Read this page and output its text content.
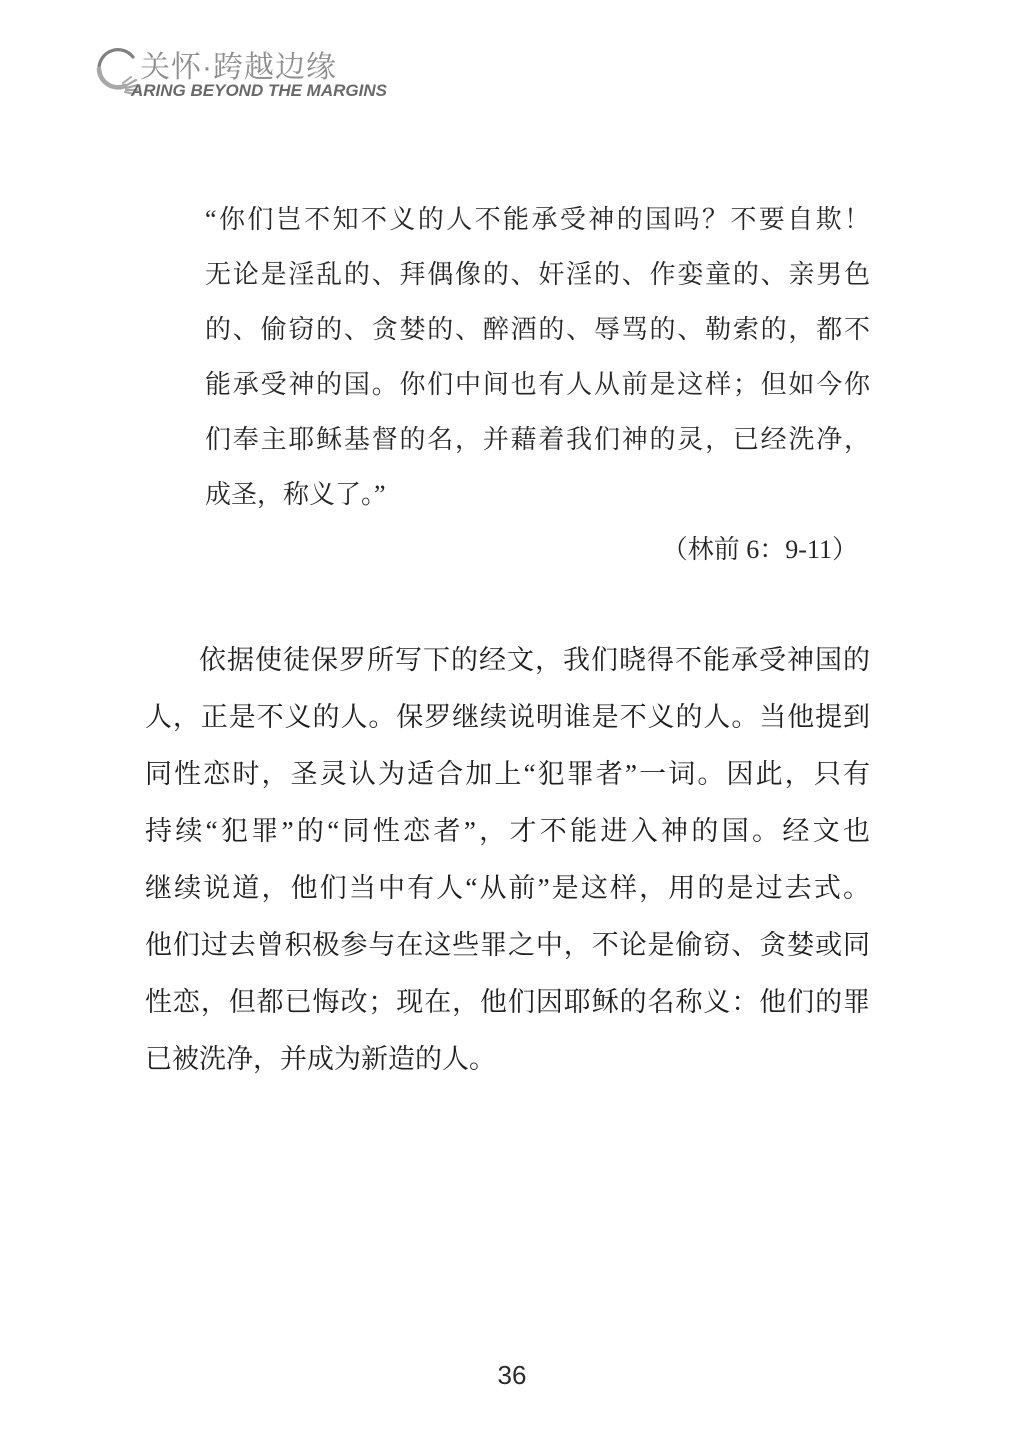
关怀·跨越边缘
ARING BEYOND THE MARGINS
“你们岂不知不义的人不能承受神的国吗？不要自欺！
无论是淫乱的、拜偶像的、奸淫的、作娈童的、亲男色
的、偷窃的、贪婪的、醉酒的、辱骂的、勒索的，都不
能承受神的国。你们中间也有人从前是这样；但如今你
们奉主耶稣基督的名，并藉着我们神的灵，已经洗净，
成圣，称义了。”
（林前 6：9-11）
依据使徒保罗所写下的经文，我们晓得不能承受神国的
人，正是不义的人。保罗继续说明谁是不义的人。当他提到
同性恋时，圣灵认为适合加上“犯罪者”一词。因此，只有
持续“犯罪”的“同性恋者”，才不能进入神的国。经文也
继续说道，他们当中有人“从前”是这样，用的是过去式。
他们过去曾积极参与在这些罪之中，不论是偷窃、贪婪或同
性恋，但都已悔改；现在，他们因耶稣的名称义：他们的罪
已被洗净，并成为新造的人。
36
